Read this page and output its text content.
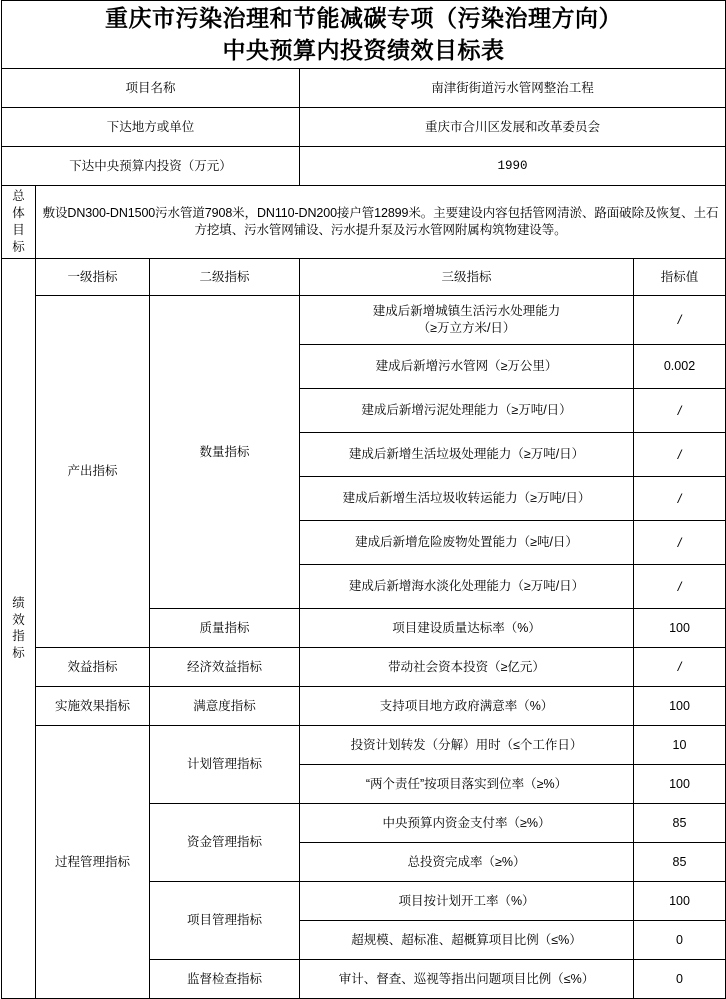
重庆市污染治理和节能减碳专项（污染治理方向）
中央预算内投资绩效目标表				

项目名称			南津街街道污水管网整治工程	
下达地方或单位			重庆市合川区发展和改革委员会	
下达中央预算内投资（万元）			1990	

总
体
目
标	敷设DN300-DN1500污水管道7908米，DN110-DN200接户管12899米。主要建设内容包括管网清淤、路面破除及恢复、土石方挖填、污水管网铺设、污水提升泵及污水管网附属构筑物建设等。			

绩
效
指
标	一级指标	二级指标	三级指标	指标值
	产出指标	数量指标	建成后新增城镇生活污水处理能力
（≥万立方米/日）	/
			建成后新增污水管网（≥万公里）	0.002
			建成后新增污泥处理能力（≥万吨/日）	/
			建成后新增生活垃圾处理能力（≥万吨/日）	/
			建成后新增生活垃圾收转运能力（≥万吨/日）	/
			建成后新增危险废物处置能力（≥吨/日）	/
			建成后新增海水淡化处理能力（≥万吨/日）	/
		质量指标	项目建设质量达标率（%）	100
	效益指标	经济效益指标	带动社会资本投资（≥亿元）	/
	实施效果指标	满意度指标	支持项目地方政府满意率（%）	100
	过程管理指标	计划管理指标	投资计划转发（分解）用时（≤个工作日）	10
			“两个责任”按项目落实到位率（≥%）	100
		资金管理指标	中央预算内资金支付率（≥%）	85
			总投资完成率（≥%）	85
		项目管理指标	项目按计划开工率（%）	100
			超规模、超标准、超概算项目比例（≤%）	0
		监督检查指标	审计、督查、巡视等指出问题项目比例（≤%）	0
